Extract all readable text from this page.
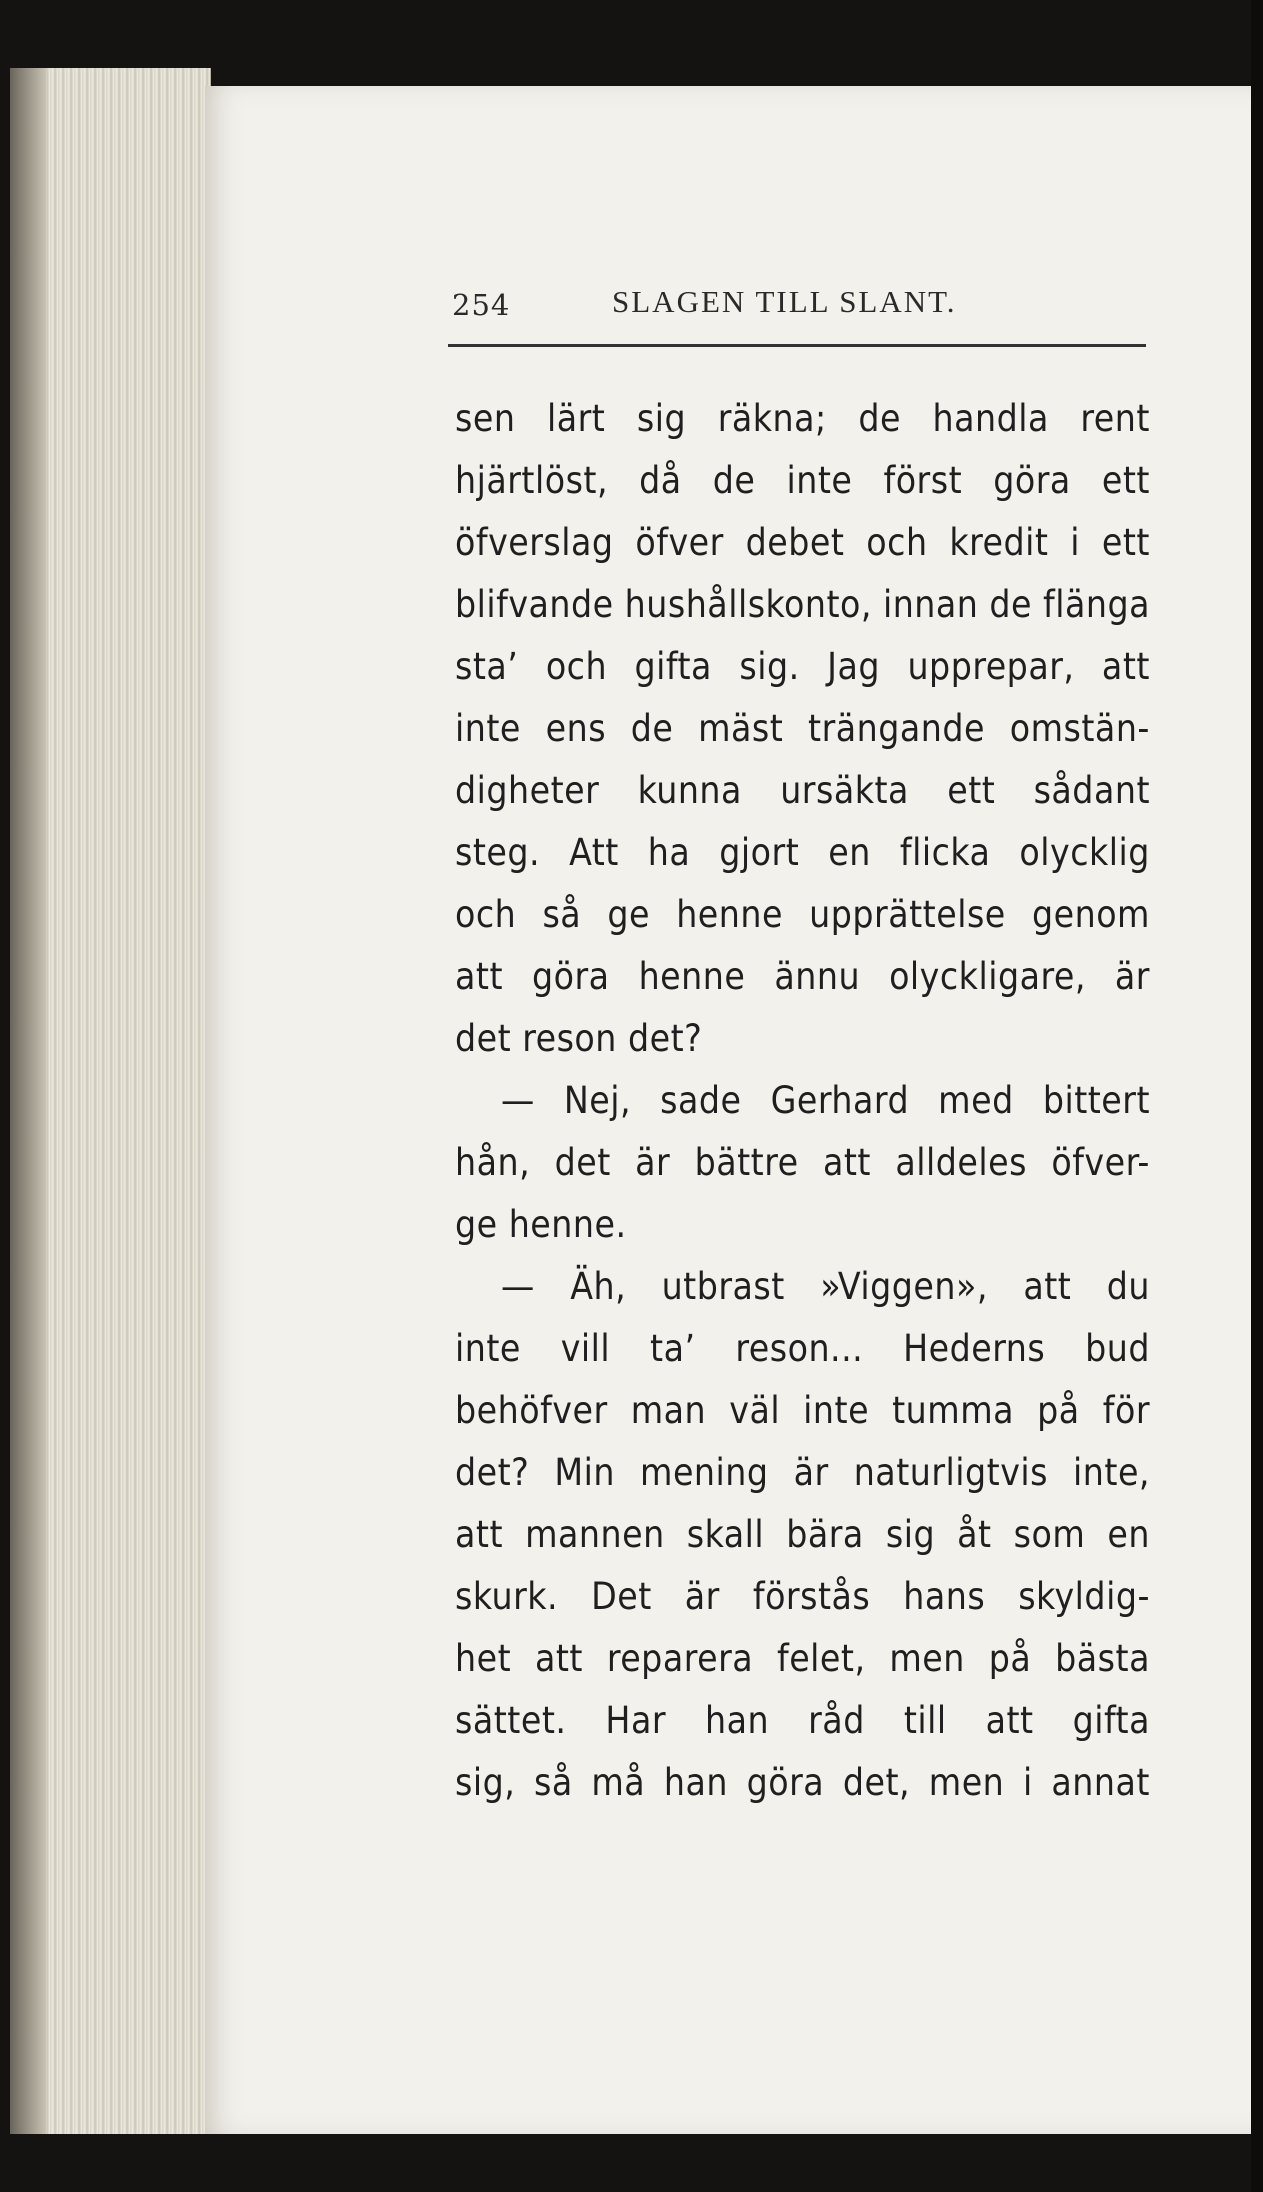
254	SLAGEN TILL SLANT.
sen lärt sig räkna; de handla rent
hjärtlöst, då de inte först göra ett
öfverslag öfver debet och kredit i ett
blifvande hushållskonto, innan de flänga
sta’ och gifta sig. Jag upprepar, att
inte ens de mäst trängande omstän-
digheter kunna ursäkta ett sådant
steg. Att ha gjort en flicka olycklig
och så ge henne upprättelse genom
att göra henne ännu olyckligare, är
det reson det?
— Nej, sade Gerhard med bittert
hån, det är bättre att alldeles öfver-
ge henne.
— Äh, utbrast »Viggen», att du
inte vill ta’ reson... Hederns bud
behöfver man väl inte tumma på för
det? Min mening är naturligtvis inte,
att mannen skall bära sig åt som en
skurk. Det är förstås hans skyldig-
het att reparera felet, men på bästa
sättet. Har han råd till att gifta
sig, så må han göra det, men i annat
